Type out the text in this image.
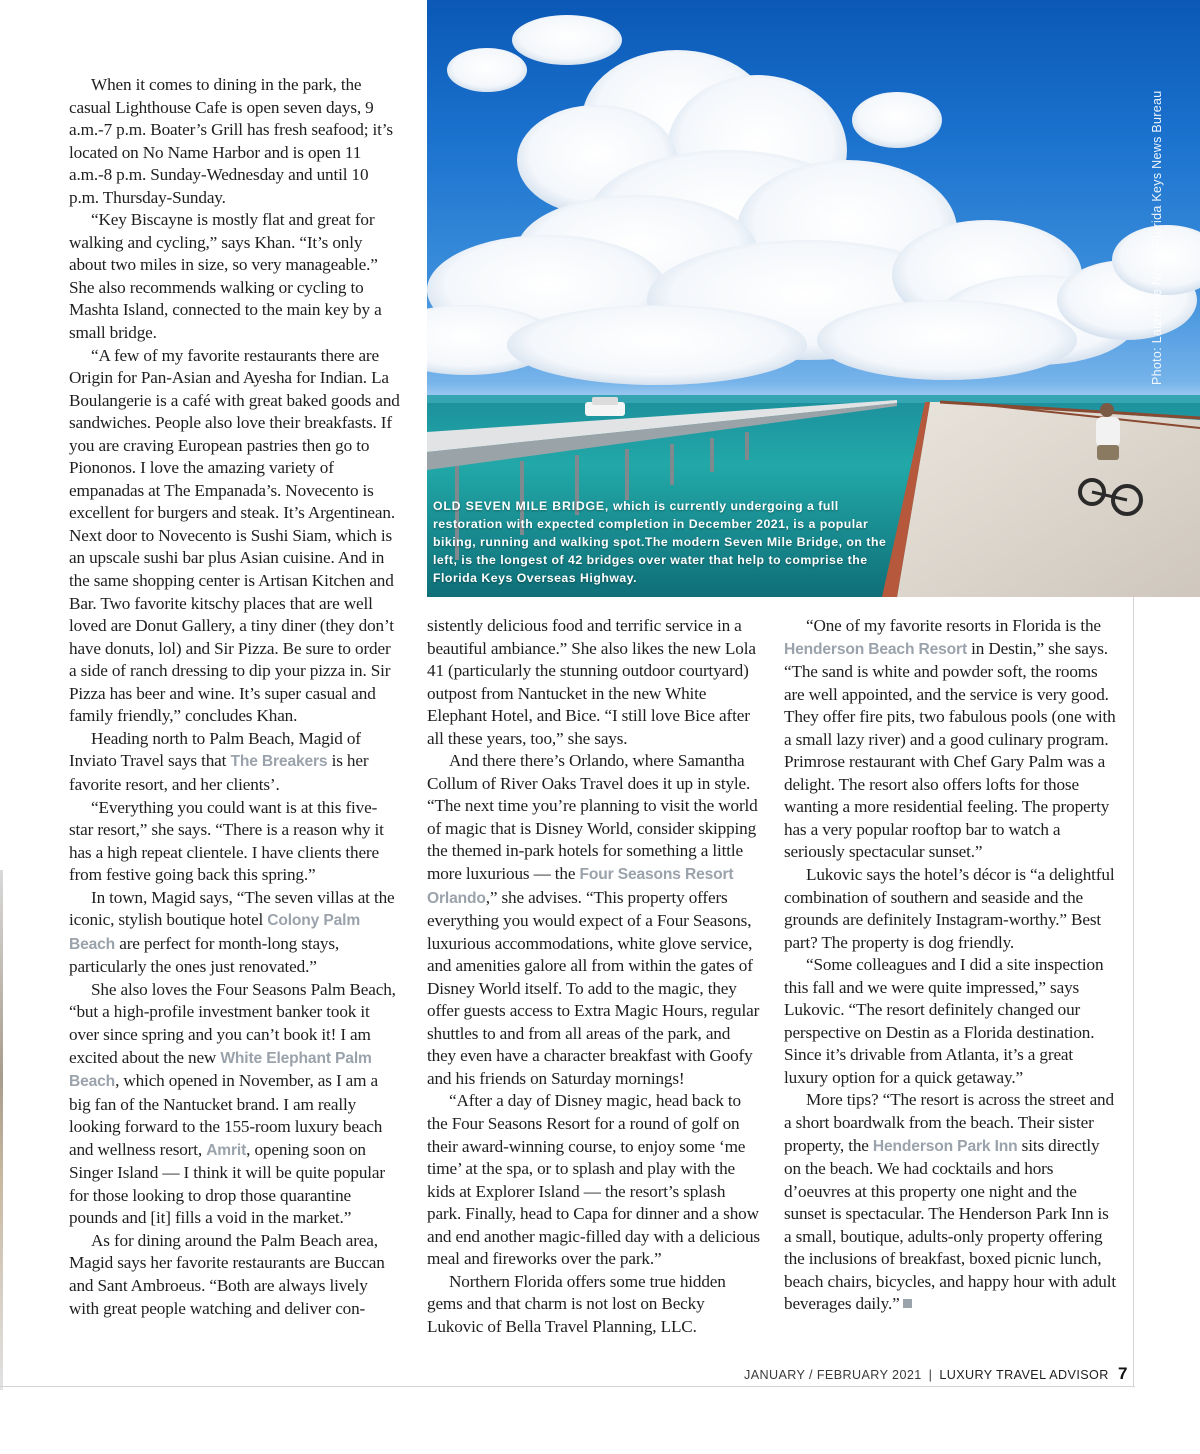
Photo: Laurence Norah/Florida Keys News Bureau
OLD SEVEN MILE BRIDGE, which is currently undergoing a full restoration with expected completion in December 2021, is a popular biking, running and walking spot.The modern Seven Mile Bridge, on the left, is the longest of 42 bridges over water that help to comprise the Florida Keys Overseas Highway.

When it comes to dining in the park, the casual Lighthouse Cafe is open seven days, 9 a.m.-7 p.m. Boater’s Grill has fresh seafood; it’s located on No Name Harbor and is open 11 a.m.-8 p.m. Sunday-Wednesday and until 10 p.m. Thursday-Sunday.

“Key Biscayne is mostly flat and great for walking and cycling,” says Khan. “It’s only about two miles in size, so very manageable.” She also recommends walking or cycling to Mashta Island, connected to the main key by a small bridge.

“A few of my favorite restaurants there are Origin for Pan-Asian and Ayesha for Indian. La Boulangerie is a café with great baked goods and sandwiches. People also love their breakfasts. If you are craving European pastries then go to Piononos. I love the amazing variety of empanadas at The Empanada’s. Novecento is excellent for burgers and steak. It’s Argentinean. Next door to Novecento is Sushi Siam, which is an upscale sushi bar plus Asian cuisine. And in the same shopping center is Artisan Kitchen and Bar. Two favorite kitschy places that are well loved are Donut Gallery, a tiny diner (they don’t have donuts, lol) and Sir Pizza. Be sure to order a side of ranch dressing to dip your pizza in. Sir Pizza has beer and wine. It’s super casual and family friendly,” concludes Khan.

Heading north to Palm Beach, Magid of Inviato Travel says that The Breakers is her favorite resort, and her clients’.

“Everything you could want is at this five-star resort,” she says. “There is a reason why it has a high repeat clientele. I have clients there from festive going back this spring.”

In town, Magid says, “The seven villas at the iconic, stylish boutique hotel Colony Palm Beach are perfect for month-long stays, particularly the ones just renovated.”

She also loves the Four Seasons Palm Beach, “but a high-profile investment banker took it over since spring and you can’t book it! I am excited about the new White Elephant Palm Beach, which opened in November, as I am a big fan of the Nantucket brand. I am really looking forward to the 155-room luxury beach and wellness resort, Amrit, opening soon on Singer Island — I think it will be quite popular for those looking to drop those quarantine pounds and [it] fills a void in the market.”

As for dining around the Palm Beach area, Magid says her favorite restaurants are Buccan and Sant Ambroeus. “Both are always lively with great people watching and deliver con-

sistently delicious food and terrific service in a beautiful ambiance.” She also likes the new Lola 41 (particularly the stunning outdoor courtyard) outpost from Nantucket in the new White Elephant Hotel, and Bice. “I still love Bice after all these years, too,” she says.

And there there’s Orlando, where Samantha Collum of River Oaks Travel does it up in style. “The next time you’re planning to visit the world of magic that is Disney World, consider skipping the themed in-park hotels for something a little more luxurious — the Four Seasons Resort Orlando,” she advises. “This property offers everything you would expect of a Four Seasons, luxurious accommodations, white glove service, and amenities galore all from within the gates of Disney World itself. To add to the magic, they offer guests access to Extra Magic Hours, regular shuttles to and from all areas of the park, and they even have a character breakfast with Goofy and his friends on Saturday mornings!

“After a day of Disney magic, head back to the Four Seasons Resort for a round of golf on their award-winning course, to enjoy some ‘me time’ at the spa, or to splash and play with the kids at Explorer Island — the resort’s splash park. Finally, head to Capa for dinner and a show and end another magic-filled day with a delicious meal and fireworks over the park.”

Northern Florida offers some true hidden gems and that charm is not lost on Becky Lukovic of Bella Travel Planning, LLC.

“One of my favorite resorts in Florida is the Henderson Beach Resort in Destin,” she says. “The sand is white and powder soft, the rooms are well appointed, and the service is very good. They offer fire pits, two fabulous pools (one with a small lazy river) and a good culinary program. Primrose restaurant with Chef Gary Palm was a delight. The resort also offers lofts for those wanting a more residential feeling. The property has a very popular rooftop bar to watch a seriously spectacular sunset.”

Lukovic says the hotel’s décor is “a delightful combination of southern and seaside and the grounds are definitely Instagram-worthy.” Best part? The property is dog friendly.

“Some colleagues and I did a site inspection this fall and we were quite impressed,” says Lukovic. “The resort definitely changed our perspective on Destin as a Florida destination. Since it’s drivable from Atlanta, it’s a great luxury option for a quick getaway.”

More tips? “The resort is across the street and a short boardwalk from the beach. Their sister property, the Henderson Park Inn sits directly on the beach. We had cocktails and hors d’oeuvres at this property one night and the sunset is spectacular. The Henderson Park Inn is a small, boutique, adults-only property offering the inclusions of breakfast, boxed picnic lunch, beach chairs, bicycles, and happy hour with adult beverages daily.”

JANUARY / FEBRUARY 2021 | LUXURY TRAVEL ADVISOR 7
